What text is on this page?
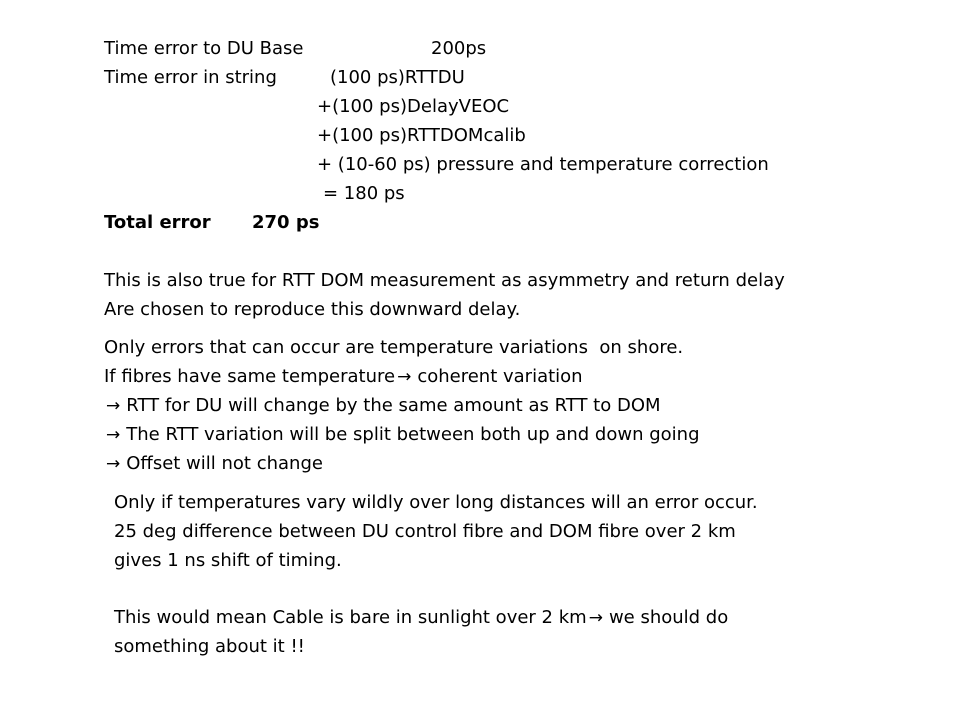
Time error to DU Base	200ps

Time error in string	(100 ps)RTTDU

+(100 ps)DelayVEOC

+(100 ps)RTTDOMcalib

+ (10-60 ps) pressure and temperature correction

= 180 ps

Total error 270 ps

This is also true for RTT DOM measurement as asymmetry and return delay

Are chosen to reproduce this downward delay.

Only errors that can occur are temperature variations  on shore.

If fibres have same temperature → coherent variation

→ RTT for DU will change by the same amount as RTT to DOM

→ The RTT variation will be split between both up and down going

→ Offset will not change

Only if temperatures vary wildly over long distances will an error occur.

25 deg difference between DU control fibre and DOM fibre over 2 km

gives 1 ns shift of timing.

This would mean Cable is bare in sunlight over 2 km → we should do

something about it !!
